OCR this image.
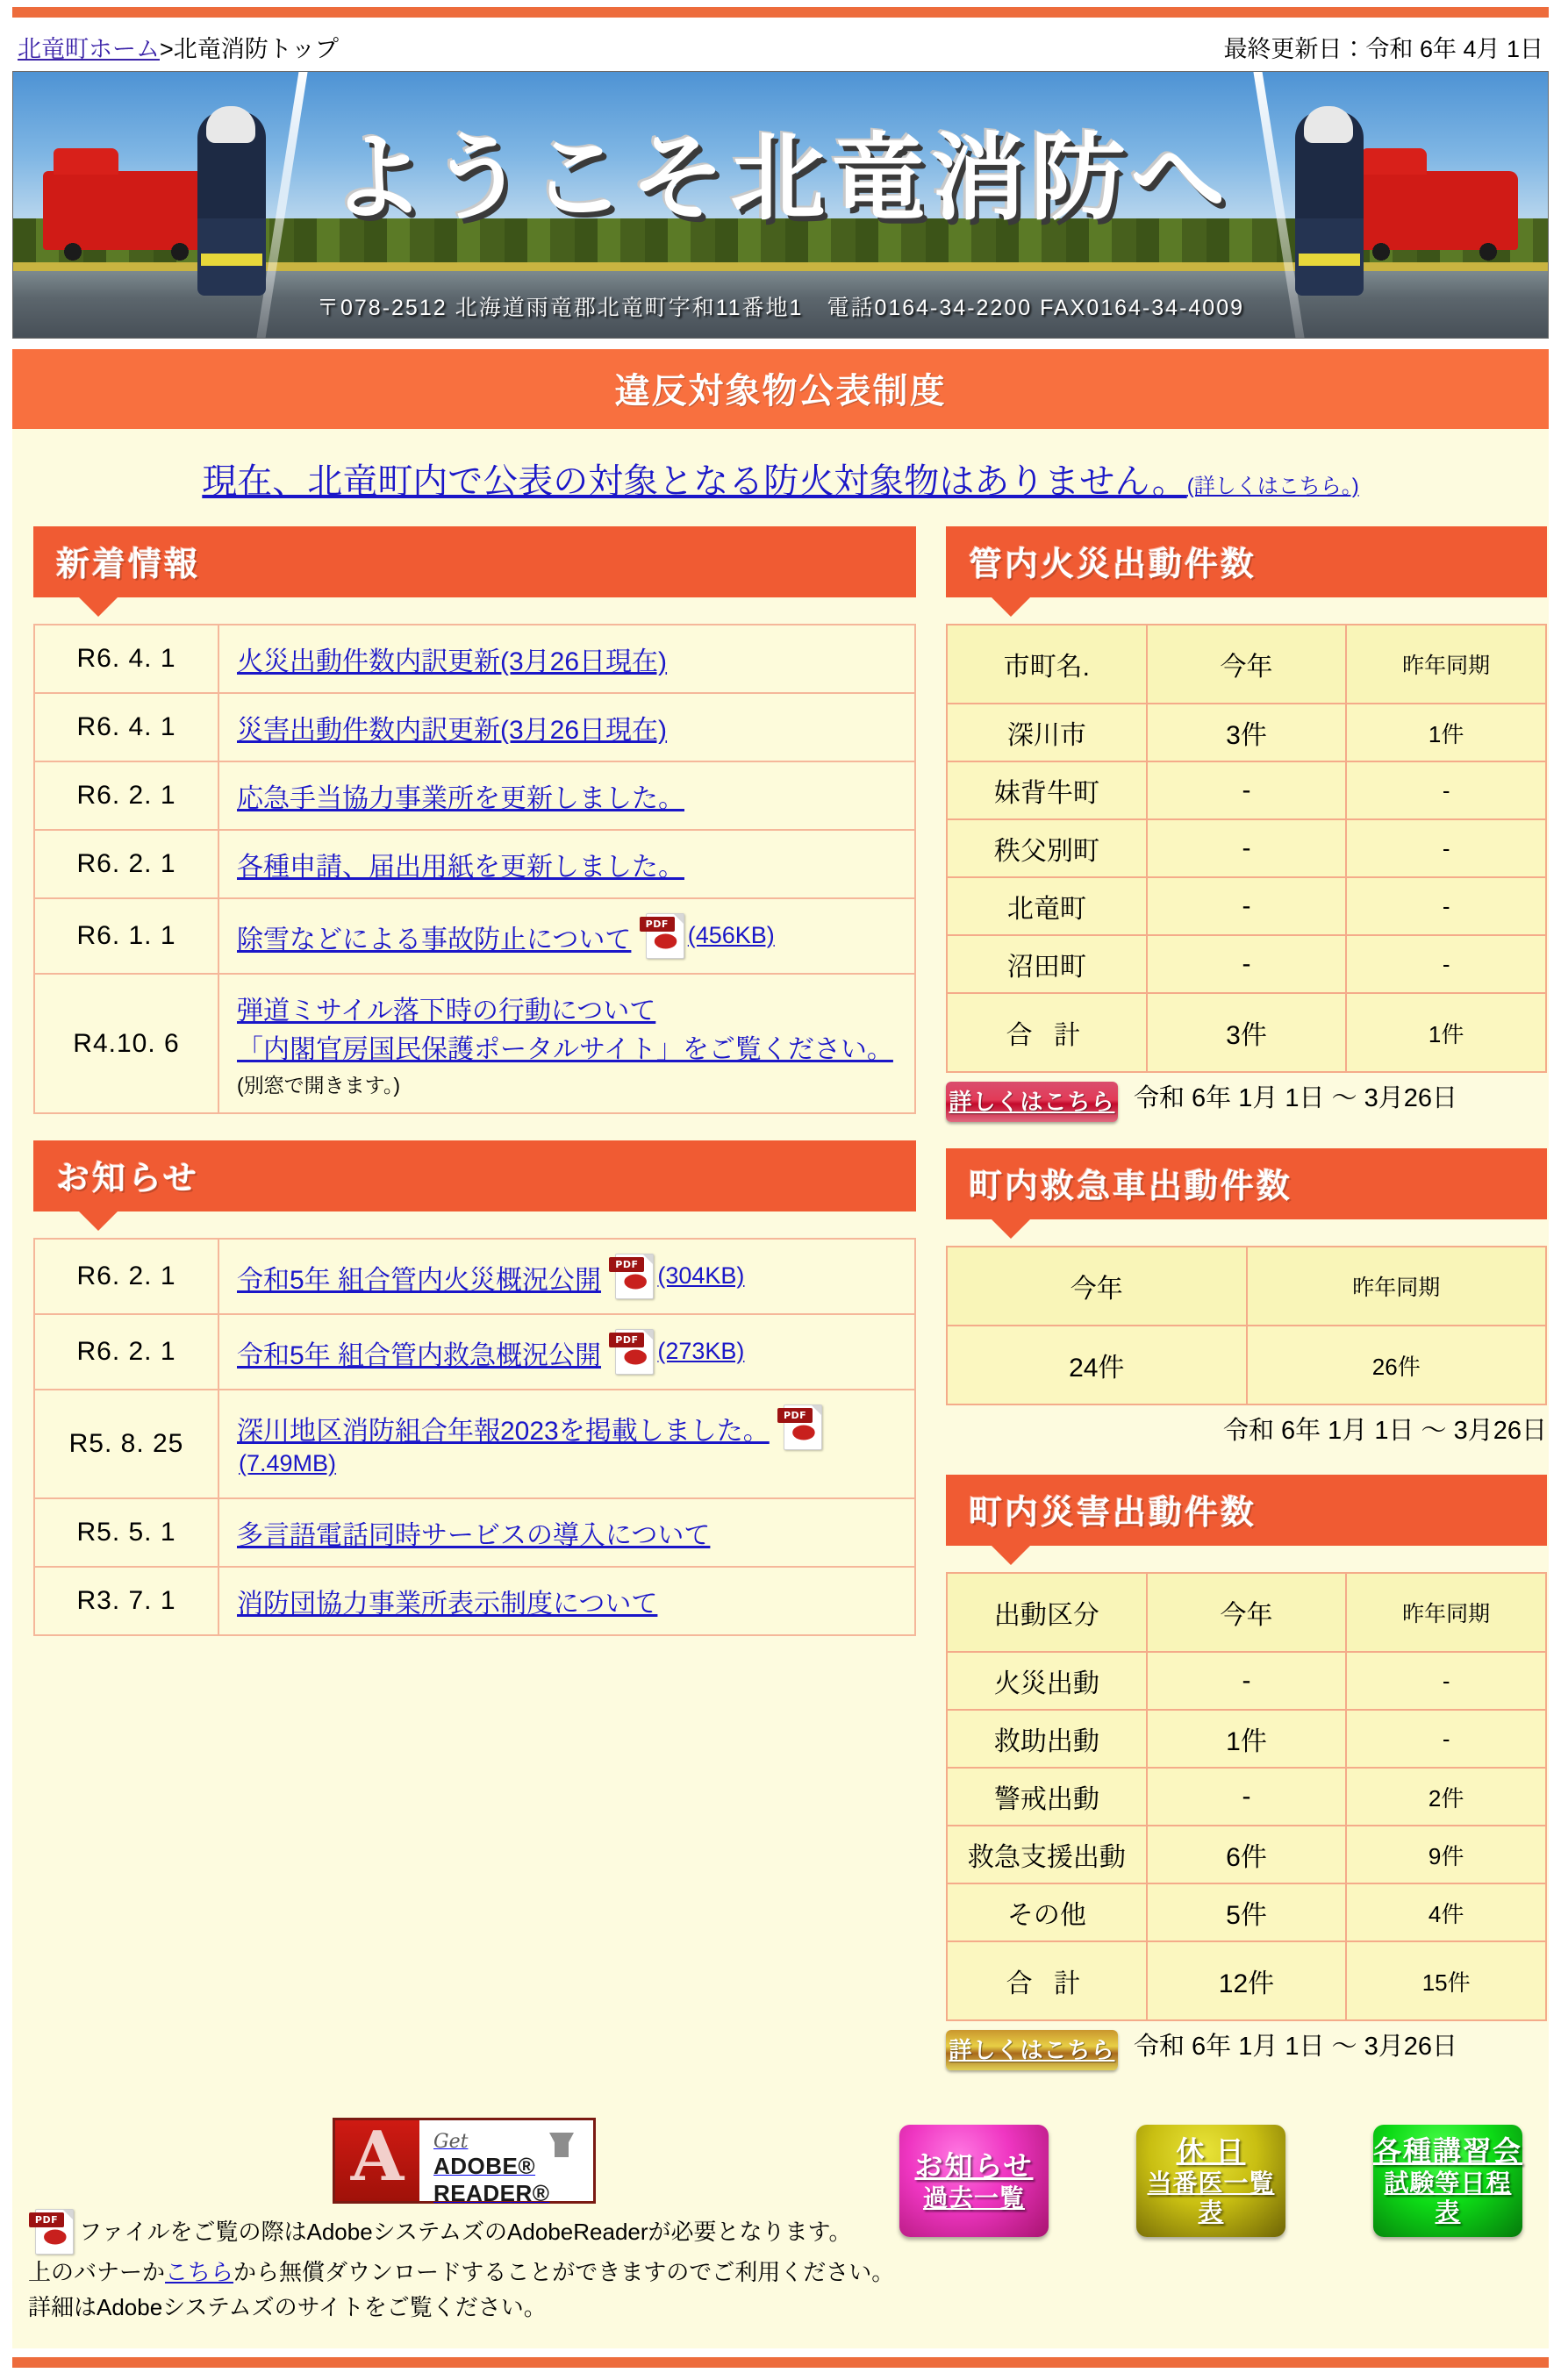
北竜町ホーム>北竜消防トップ	最終更新日：令和 6年 4月 1日
ようこそ北竜消防へ
〒078-2512 北海道雨竜郡北竜町字和11番地1　電話0164-34-2200 FAX0164-34-4009
違反対象物公表制度
現在、北竜町内で公表の対象となる防火対象物はありません。(詳しくはこちら。)
新着情報
R6. 4. 1	火災出動件数内訳更新(3月26日現在)
R6. 4. 1	災害出動件数内訳更新(3月26日現在)
R6. 2. 1	応急手当協力事業所を更新しました。
R6. 2. 1	各種申請、届出用紙を更新しました。
R6. 1. 1	除雪などによる事故防止について
PDF
⬬ (456KB)
R4.10. 6	弾道ミサイル落下時の行動について
「内閣官房国民保護ポータルサイト」をご覧ください。
(別窓で開きます。)
お知らせ
R6. 2. 1	令和5年 組合管内火災概況公開
PDF
⬬ (304KB)
R6. 2. 1	令和5年 組合管内救急概況公開
PDF
⬬ (273KB)
R5. 8. 25	深川地区消防組合年報2023を掲載しました。
PDF
⬬
(7.49MB)
R5. 5. 1	多言語電話同時サービスの導入について
R3. 7. 1	消防団協力事業所表示制度について
管内火災出動件数
市町名.	今年	昨年同期
深川市	3件	1件
妹背牛町	-	-
秩父別町	-	-
北竜町	-	-
沼田町	-	-
合 計	3件	1件
詳しくはこちら 令和 6年 1月 1日 ～ 3月26日
町内救急車出動件数
今年	昨年同期
24件	26件
令和 6年 1月 1日 ～ 3月26日
町内災害出動件数
出動区分	今年	昨年同期
火災出動	-	-
救助出動	1件	-
警戒出動	-	2件
救急支援出動	6件	9件
その他	5件	4件
合 計	12件	15件
詳しくはこちら 令和 6年 1月 1日 ～ 3月26日
A
Get
ADOBE® READER®
PDF
⬬ ファイルをご覧の際はAdobeシステムズのAdobeReaderが必要となります。
上のバナーかこちらから無償ダウンロードすることができますのでご利用ください。
詳細はAdobeシステムズのサイトをご覧ください。
お知らせ
過去一覧
休 日
当番医一覧表
各種講習会
試験等日程表
